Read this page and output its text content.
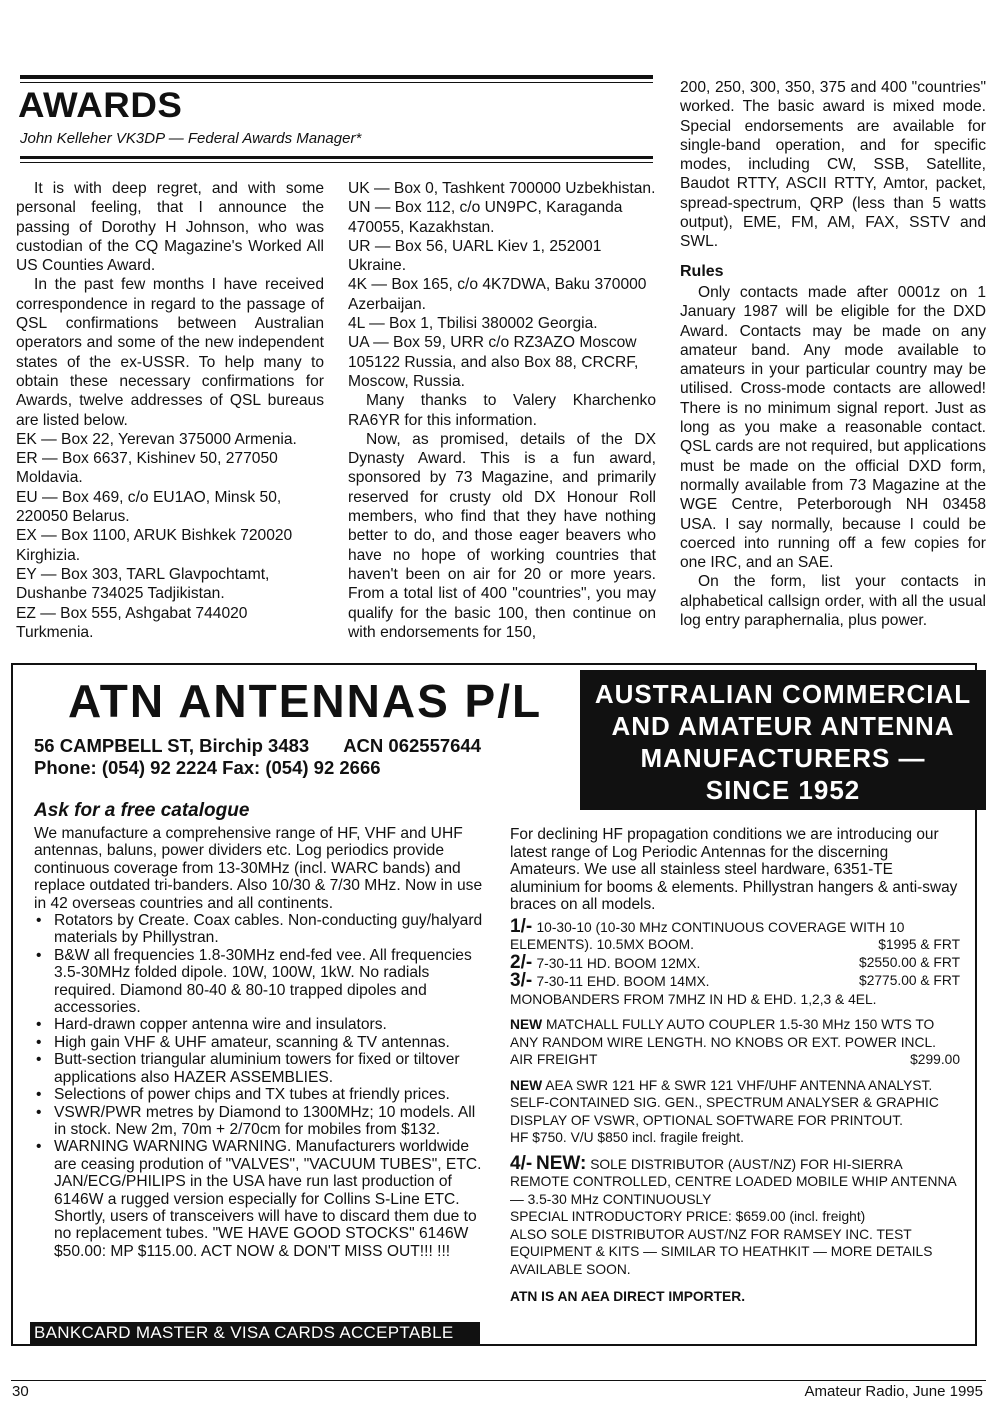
AWARDS
John Kelleher VK3DP — Federal Awards Manager*

It is with deep regret, and with some personal feeling, that I announce the passing of Dorothy H Johnson, who was custodian of the CQ Magazine's Worked All US Counties Award.

In the past few months I have received correspondence in regard to the passage of QSL confirmations between Australian operators and some of the new independent states of the ex-USSR. To help many to obtain these necessary confirmations for Awards, twelve addresses of QSL bureaus are listed below.

EK — Box 22, Yerevan 375000 Armenia.

ER — Box 6637, Kishinev 50, 277050 Moldavia.

EU — Box 469, c/o EU1AO, Minsk 50, 220050 Belarus.

EX — Box 1100, ARUK Bishkek 720020 Kirghizia.

EY — Box 303, TARL Glavpochtamt, Dushanbe 734025 Tadjikistan.

EZ — Box 555, Ashgabat 744020 Turkmenia.

UK — Box 0, Tashkent 700000 Uzbekhistan.

UN — Box 112, c/o UN9PC, Karaganda 470055, Kazakhstan.

UR — Box 56, UARL Kiev 1, 252001 Ukraine.

4K — Box 165, c/o 4K7DWA, Baku 370000 Azerbaijan.

4L — Box 1, Tbilisi 380002 Georgia.

UA — Box 59, URR c/o RZ3AZO Moscow 105122 Russia, and also Box 88, CRCRF, Moscow, Russia.

Many thanks to Valery Kharchenko RA6YR for this information.

Now, as promised, details of the DX Dynasty Award. This is a fun award, sponsored by 73 Magazine, and primarily reserved for crusty old DX Honour Roll members, who find that they have nothing better to do, and those eager beavers who have no hope of working countries that haven't been on air for 20 or more years. From a total list of 400 "countries", you may qualify for the basic 100, then continue on with endorsements for 150,

200, 250, 300, 350, 375 and 400 "countries" worked. The basic award is mixed mode. Special endorsements are available for single-band operation, and for specific modes, including CW, SSB, Satellite, Baudot RTTY, ASCII RTTY, Amtor, packet, spread-spectrum, QRP (less than 5 watts output), EME, FM, AM, FAX, SSTV and SWL.

Rules

Only contacts made after 0001z on 1 January 1987 will be eligible for the DXD Award. Contacts may be made on any amateur band. Any mode available to amateurs in your particular country may be utilised. Cross-mode contacts are allowed! There is no minimum signal report. Just as long as you make a reasonable contact. QSL cards are not required, but applications must be made on the official DXD form, normally available from 73 Magazine at the WGE Centre, Peterborough NH 03458 USA. I say normally, because I could be coerced into running off a few copies for one IRC, and an SAE.

On the form, list your contacts in alphabetical callsign order, with all the usual log entry paraphernalia, plus power.

ATN ANTENNAS P/L
56 CAMPBELL ST, Birchip 3483 ACN 062557644
Phone: (054) 92 2224 Fax: (054) 92 2666
AUSTRALIAN COMMERCIAL
AND AMATEUR ANTENNA
MANUFACTURERS —
SINCE 1952
Ask for a free catalogue

We manufacture a comprehensive range of HF, VHF and UHF antennas, baluns, power dividers etc. Log periodics provide continuous coverage from 13-30MHz (incl. WARC bands) and replace outdated tri-banders. Also 10/30 & 7/30 MHz. Now in use in 42 overseas countries and all continents.

• Rotators by Create. Coax cables. Non-conducting guy/halyard materials by Phillystran.
• B&W all frequencies 1.8-30MHz end-fed vee. All frequencies 3.5-30MHz folded dipole. 10W, 100W, 1kW. No radials required. Diamond 80-40 & 80-10 trapped dipoles and accessories.
• Hard-drawn copper antenna wire and insulators.
• High gain VHF & UHF amateur, scanning & TV antennas.
• Butt-section triangular aluminium towers for fixed or tiltover applications also HAZER ASSEMBLIES.
• Selections of power chips and TX tubes at friendly prices.
• VSWR/PWR metres by Diamond to 1300MHz; 10 models. All in stock. New 2m, 70m + 2/70cm for mobiles from $132.
• WARNING WARNING WARNING. Manufacturers worldwide are ceasing prodution of "VALVES", "VACUUM TUBES", ETC. JAN/ECG/PHILIPS in the USA have run last production of 6146W a rugged version especially for Collins S-Line ETC. Shortly, users of transceivers will have to discard them due to no replacement tubes. "WE HAVE GOOD STOCKS" 6146W $50.00: MP $115.00. ACT NOW & DON'T MISS OUT!!! !!!
BANKCARD MASTER & VISA CARDS ACCEPTABLE

For declining HF propagation conditions we are introducing our latest range of Log Periodic Antennas for the discerning Amateurs. We use all stainless steel hardware, 6351-TE aluminium for booms & elements. Phillystran hangers & anti-sway braces on all models.

1/- 10-30-10 (10-30 MHz CONTINUOUS COVERAGE WITH 10 ELEMENTS). 10.5MX BOOM.	$1995 & FRT

2/- 7-30-11 HD. BOOM 12MX.	$2550.00 & FRT

3/- 7-30-11 EHD. BOOM 14MX.	$2775.00 & FRT

MONOBANDERS FROM 7MHZ IN HD & EHD. 1,2,3 & 4EL.

NEW MATCHALL FULLY AUTO COUPLER 1.5-30 MHz 150 WTS TO ANY RANDOM WIRE LENGTH. NO KNOBS OR EXT. POWER INCL. AIR FREIGHT	$299.00

NEW AEA SWR 121 HF & SWR 121 VHF/UHF ANTENNA ANALYST. SELF-CONTAINED SIG. GEN., SPECTRUM ANALYSER & GRAPHIC DISPLAY OF VSWR, OPTIONAL SOFTWARE FOR PRINTOUT.

HF $750. V/U $850 incl. fragile freight.

4/- NEW: SOLE DISTRIBUTOR (AUST/NZ) FOR HI-SIERRA REMOTE CONTROLLED, CENTRE LOADED MOBILE WHIP ANTENNA — 3.5-30 MHz CONTINUOUSLY

SPECIAL INTRODUCTORY PRICE: $659.00 (incl. freight)

ALSO SOLE DISTRIBUTOR AUST/NZ FOR RAMSEY INC. TEST EQUIPMENT & KITS — SIMILAR TO HEATHKIT — MORE DETAILS AVAILABLE SOON.

ATN IS AN AEA DIRECT IMPORTER.

30	Amateur Radio, June 1995
